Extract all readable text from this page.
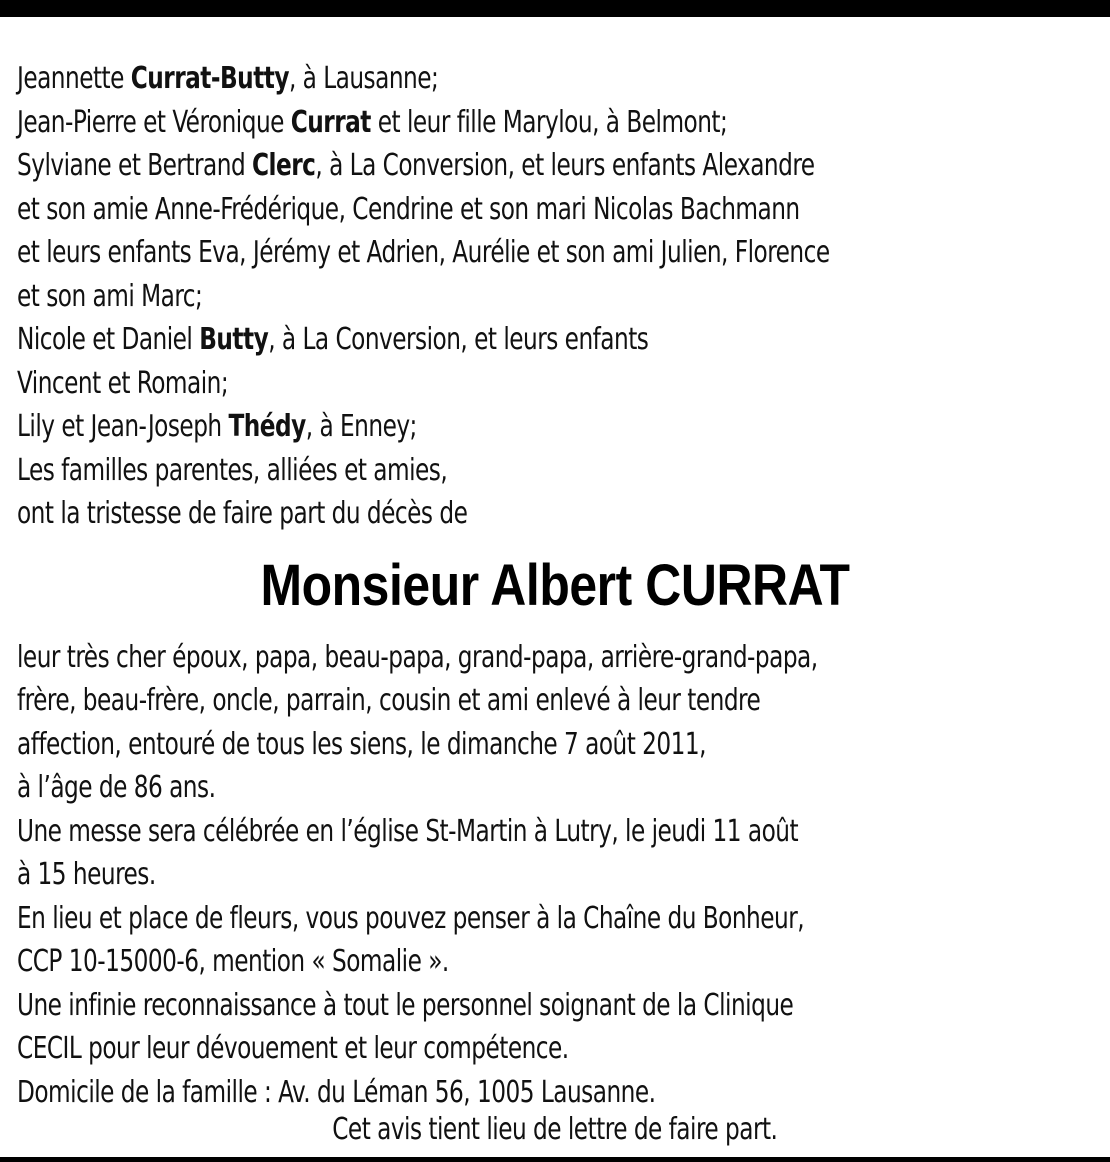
Jeannette Currat-Butty, à Lausanne;
Jean-Pierre et Véronique Currat et leur fille Marylou, à Belmont;
Sylviane et Bertrand Clerc, à La Conversion, et leurs enfants Alexandre
et son amie Anne-Frédérique, Cendrine et son mari Nicolas Bachmann
et leurs enfants Eva, Jérémy et Adrien, Aurélie et son ami Julien, Florence
et son ami Marc;
Nicole et Daniel Butty, à La Conversion, et leurs enfants
Vincent et Romain;
Lily et Jean-Joseph Thédy, à Enney;
Les familles parentes, alliées et amies,
ont la tristesse de faire part du décès de
Monsieur Albert CURRAT
leur très cher époux, papa, beau-papa, grand-papa, arrière-grand-papa,
frère, beau-frère, oncle, parrain, cousin et ami enlevé à leur tendre
affection, entouré de tous les siens, le dimanche 7 août 2011,
à l’âge de 86 ans.
Une messe sera célébrée en l’église St-Martin à Lutry, le jeudi 11 août
à 15 heures.
En lieu et place de fleurs, vous pouvez penser à la Chaîne du Bonheur,
CCP 10-15000-6, mention « Somalie ».
Une infinie reconnaissance à tout le personnel soignant de la Clinique
CECIL pour leur dévouement et leur compétence.
Domicile de la famille : Av. du Léman 56, 1005 Lausanne.
Cet avis tient lieu de lettre de faire part.
